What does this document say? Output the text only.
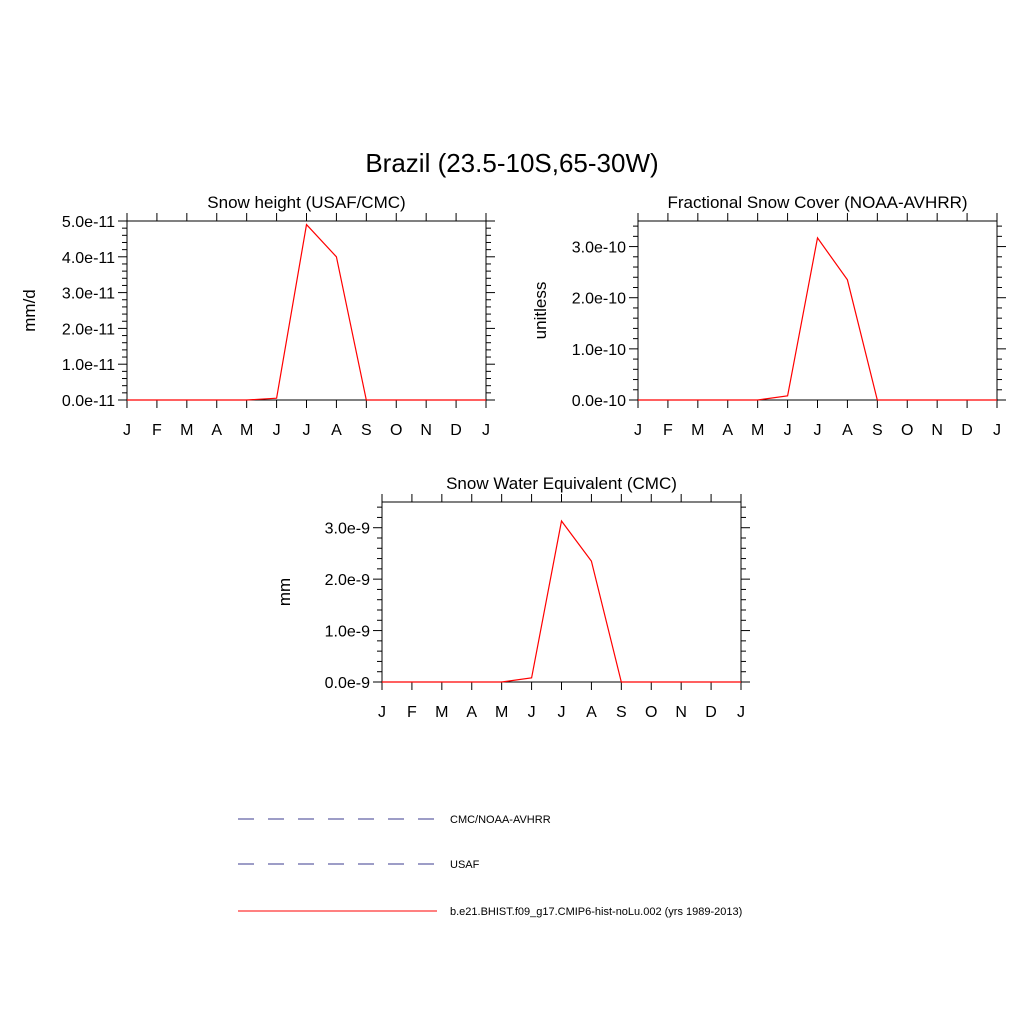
Brazil (23.5-10S,65-30W)
Snow height (USAF/CMC)
mm/d
0.0e-11
1.0e-11
2.0e-11
3.0e-11
4.0e-11
5.0e-11
J F M A M J J A S O N D J
Fractional Snow Cover (NOAA-AVHRR)
unitless
0.0e-10
1.0e-10
2.0e-10
3.0e-10
J F M A M J J A S O N D J
Snow Water Equivalent (CMC)
mm
0.0e-9
1.0e-9
2.0e-9
3.0e-9
J F M A M J J A S O N D J
CMC/NOAA-AVHRR
USAF
b.e21.BHIST.f09_g17.CMIP6-hist-noLu.002 (yrs 1989-2013)
